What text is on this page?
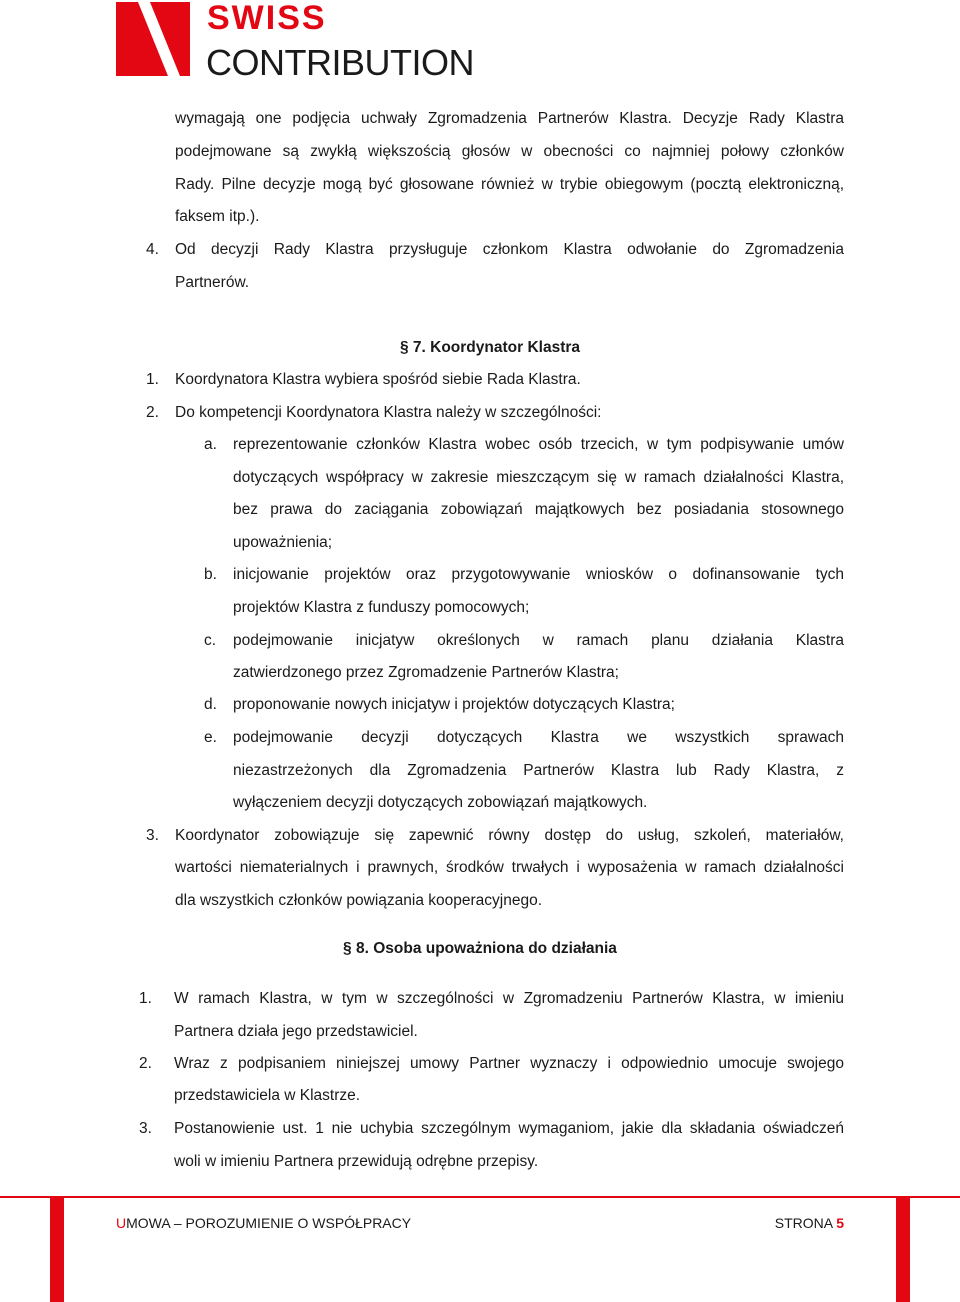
SWISS
CONTRIBUTION
wymagają one podjęcia uchwały Zgromadzenia Partnerów Klastra. Decyzje Rady Klastra
podejmowane są zwykłą większością głosów w obecności co najmniej połowy członków
Rady. Pilne decyzje mogą być głosowane również w trybie obiegowym (pocztą elektroniczną,
faksem itp.).
4. Od decyzji Rady Klastra przysługuje członkom Klastra odwołanie do Zgromadzenia
Partnerów.
§ 7. Koordynator Klastra
1. Koordynatora Klastra wybiera spośród siebie Rada Klastra.
2. Do kompetencji Koordynatora Klastra należy w szczególności:
a. reprezentowanie członków Klastra wobec osób trzecich, w tym podpisywanie umów
dotyczących współpracy w zakresie mieszczącym się w ramach działalności Klastra,
bez prawa do zaciągania zobowiązań majątkowych bez posiadania stosownego
upoważnienia;
b. inicjowanie projektów oraz przygotowywanie wniosków o dofinansowanie tych
projektów Klastra z funduszy pomocowych;
c. podejmowanie inicjatyw określonych w ramach planu działania Klastra
zatwierdzonego przez Zgromadzenie Partnerów Klastra;
d. proponowanie nowych inicjatyw i projektów dotyczących Klastra;
e. podejmowanie decyzji dotyczących Klastra we wszystkich sprawach
niezastrzeżonych dla Zgromadzenia Partnerów Klastra lub Rady Klastra, z
wyłączeniem decyzji dotyczących zobowiązań majątkowych.
3. Koordynator zobowiązuje się zapewnić równy dostęp do usług, szkoleń, materiałów,
wartości niematerialnych i prawnych, środków trwałych i wyposażenia w ramach działalności
dla wszystkich członków powiązania kooperacyjnego.
§ 8. Osoba upoważniona do działania
1. W ramach Klastra, w tym w szczególności w Zgromadzeniu Partnerów Klastra, w imieniu
Partnera działa jego przedstawiciel.
2. Wraz z podpisaniem niniejszej umowy Partner wyznaczy i odpowiednio umocuje swojego
przedstawiciela w Klastrze.
3. Postanowienie ust. 1 nie uchybia szczególnym wymaganiom, jakie dla składania oświadczeń
woli w imieniu Partnera przewidują odrębne przepisy.
UMOWA – POROZUMIENIE O WSPÓŁPRACY	STRONA 5
